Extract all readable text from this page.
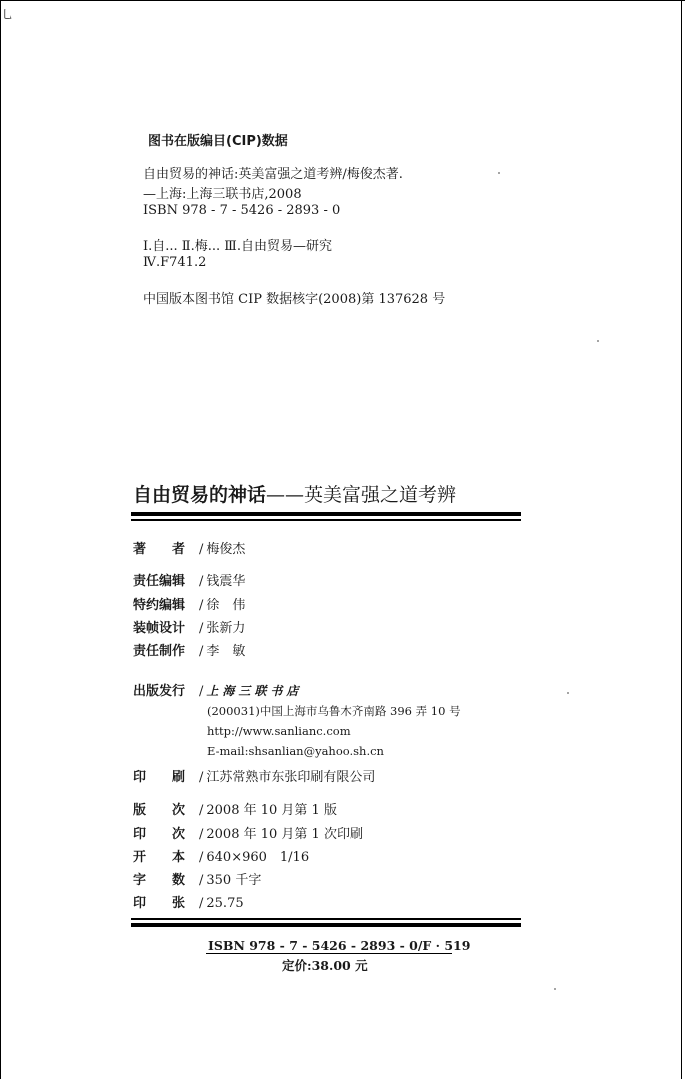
乚
图书在版编目(CIP)数据
自由贸易的神话:英美富强之道考辨/梅俊杰著.
—上海:上海三联书店,2008
ISBN 978 - 7 - 5426 - 2893 - 0
Ⅰ.自... Ⅱ.梅... Ⅲ.自由贸易—研究
Ⅳ.F741.2
中国版本图书馆 CIP 数据核字(2008)第 137628 号
自由贸易的神话——英美富强之道考辨
著　　者 / 梅俊杰
责任编辑 / 钱震华
特约编辑 / 徐　伟
装帧设计 / 张新力
责任制作 / 李　敏
出版发行 / 上海三联书店
(200031)中国上海市乌鲁木齐南路 396 弄 10 号
http://www.sanlianc.com
E-mail:shsanlian@yahoo.sh.cn
印　　刷 / 江苏常熟市东张印刷有限公司
版　　次 / 2008 年 10 月第 1 版
印　　次 / 2008 年 10 月第 1 次印刷
开　　本 / 640×960　1/16
字　　数 / 350 千字
印　　张 / 25.75
ISBN 978 - 7 - 5426 - 2893 - 0/F · 519
定价:38.00 元
